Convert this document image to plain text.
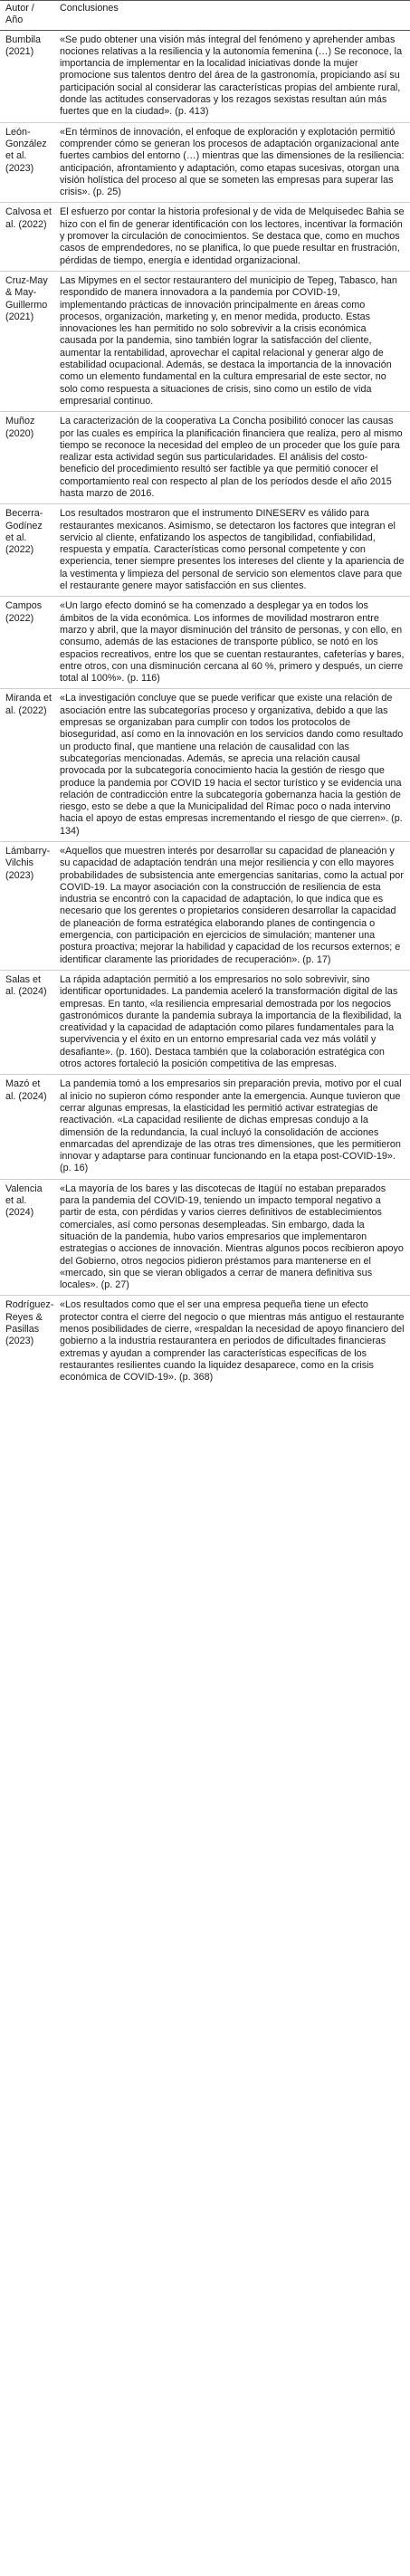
Autor / Año	Conclusiones
Bumbila (2021)	«Se pudo obtener una visión más íntegral del fenómeno y aprehender ambas nociones relativas a la resiliencia y la autonomía femenina (…) Se reconoce, la importancia de implementar en la localidad iniciativas donde la mujer promocione sus talentos dentro del área de la gastronomía, propiciando así su participación social al considerar las características propias del ambiente rural, donde las actitudes conservadoras y los rezagos sexistas resultan aún más fuertes que en la ciudad». (p. 413)
León-González et al. (2023)	«En términos de innovación, el enfoque de exploración y explotación permitió comprender cómo se generan los procesos de adaptación organizacional ante fuertes cambios del entorno (…) mientras que las dimensiones de la resiliencia: anticipación, afrontamiento y adaptación, como etapas sucesivas, otorgan una visión holística del proceso al que se someten las empresas para superar las crisis». (p. 25)
Calvosa et al. (2022)	El esfuerzo por contar la historia profesional y de vida de Melquisedec Bahia se hizo con el fin de generar identificación con los lectores, incentivar la formación y promover la circulación de conocimientos. Se destaca que, como en muchos casos de emprendedores, no se planifica, lo que puede resultar en frustración, pérdidas de tiempo, energía e identidad organizacional.
Cruz-May & May-Guillermo (2021)	Las Mipymes en el sector restaurantero del municipio de Tepeg, Tabasco, han respondido de manera innovadora a la pandemia por COVID-19, implementando prácticas de innovación principalmente en áreas como procesos, organización, marketing y, en menor medida, producto. Estas innovaciones les han permitido no solo sobrevivir a la crisis económica causada por la pandemia, sino también lograr la satisfacción del cliente, aumentar la rentabilidad, aprovechar el capital relacional y generar algo de estabilidad ocupacional. Además, se destaca la importancia de la innovación como un elemento fundamental en la cultura empresarial de este sector, no solo como respuesta a situaciones de crisis, sino como un estilo de vida empresarial continuo.
Muñoz (2020)	La caracterización de la cooperativa La Concha posibilitó conocer las causas por las cuales es empírica la planificación financiera que realiza, pero al mismo tiempo se reconoce la necesidad del empleo de un proceder que los guíe para realizar esta actividad según sus particularidades. El análisis del costo-beneficio del procedimiento resultó ser factible ya que permitió conocer el comportamiento real con respecto al plan de los períodos desde el año 2015 hasta marzo de 2016.
Becerra-Godínez et al. (2022)	Los resultados mostraron que el instrumento DINESERV es válido para restaurantes mexicanos. Asimismo, se detectaron los factores que integran el servicio al cliente, enfatizando los aspectos de tangibilidad, confiabilidad, respuesta y empatía. Características como personal competente y con experiencia, tener siempre presentes los intereses del cliente y la apariencia de la vestimenta y limpieza del personal de servicio son elementos clave para que el restaurante genere mayor satisfacción en sus clientes.
Campos (2022)	«Un largo efecto dominó se ha comenzado a desplegar ya en todos los ámbitos de la vida económica. Los informes de movilidad mostraron entre marzo y abril, que la mayor disminución del tránsito de personas, y con ello, en consumo, además de las estaciones de transporte público, se notó en los espacios recreativos, entre los que se cuentan restaurantes, cafeterías y bares, entre otros, con una disminución cercana al 60 %, primero y después, un cierre total al 100%». (p. 116)
Miranda et al. (2022)	«La investigación concluye que se puede verificar que existe una relación de asociación entre las subcategorías proceso y organizativa, debido a que las empresas se organizaban para cumplir con todos los protocolos de bioseguridad, así como en la innovación en los servicios dando como resultado un producto final, que mantiene una relación de causalidad con las subcategorías mencionadas. Además, se aprecia una relación causal provocada por la subcategoría conocimiento hacia la gestión de riesgo que produce la pandemia por COVID 19 hacia el sector turístico y se evidencia una relación de contradicción entre la subcategoría gobernanza hacia la gestión de riesgo, esto se debe a que la Municipalidad del Rímac poco o nada intervino hacia el apoyo de estas empresas incrementando el riesgo de que cierren». (p. 134)
Lámbarry-Vilchis (2023)	«Aquellos que muestren interés por desarrollar su capacidad de planeación y su capacidad de adaptación tendrán una mejor resiliencia y con ello mayores probabilidades de subsistencia ante emergencias sanitarias, como la actual por COVID-19. La mayor asociación con la construcción de resiliencia de esta industria se encontró con la capacidad de adaptación, lo que indica que es necesario que los gerentes o propietarios consideren desarrollar la capacidad de planeación de forma estratégica elaborando planes de contingencia o emergencia, con participación en ejercicios de simulación; mantener una postura proactiva; mejorar la habilidad y capacidad de los recursos externos; e identificar claramente las prioridades de recuperación». (p. 17)
Salas et al. (2024)	La rápida adaptación permitió a los empresarios no solo sobrevivir, sino identificar oportunidades. La pandemia aceleró la transformación digital de las empresas. En tanto, «la resiliencia empresarial demostrada por los negocios gastronómicos durante la pandemia subraya la importancia de la flexibilidad, la creatividad y la capacidad de adaptación como pilares fundamentales para la supervivencia y el éxito en un entorno empresarial cada vez más volátil y desafiante». (p. 160). Destaca también que la colaboración estratégica con otros actores fortaleció la posición competitiva de las empresas.
Mazó et al. (2024)	La pandemia tomó a los empresarios sin preparación previa, motivo por el cual al inicio no supieron cómo responder ante la emergencia. Aunque tuvieron que cerrar algunas empresas, la elasticidad les permitió activar estrategias de reactivación. «La capacidad resiliente de dichas empresas condujo a la dimensión de la redundancia, la cual incluyó la consolidación de acciones enmarcadas del aprendizaje de las otras tres dimensiones, que les permitieron innovar y adaptarse para continuar funcionando en la etapa post-COVID-19». (p. 16)
Valencia et al. (2024)	«La mayoría de los bares y las discotecas de Itagüí no estaban preparados para la pandemia del COVID-19, teniendo un impacto temporal negativo a partir de esta, con pérdidas y varios cierres definitivos de establecimientos comerciales, así como personas desempleadas. Sin embargo, dada la situación de la pandemia, hubo varios empresarios que implementaron estrategias o acciones de innovación. Mientras algunos pocos recibieron apoyo del Gobierno, otros negocios pidieron préstamos para mantenerse en el «mercado, sin que se vieran obligados a cerrar de manera definitiva sus locales». (p. 27)
Rodríguez-Reyes & Pasillas (2023)	«Los resultados como que el ser una empresa pequeña tiene un efecto protector contra el cierre del negocio o que mientras más antiguo el restaurante menos posibilidades de cierre, «respaldan la necesidad de apoyo financiero del gobierno a la industria restaurantera en periodos de dificultades financieras extremas y ayudan a comprender las características específicas de los restaurantes resilientes cuando la liquidez desaparece, como en la crisis económica de COVID-19». (p. 368)
